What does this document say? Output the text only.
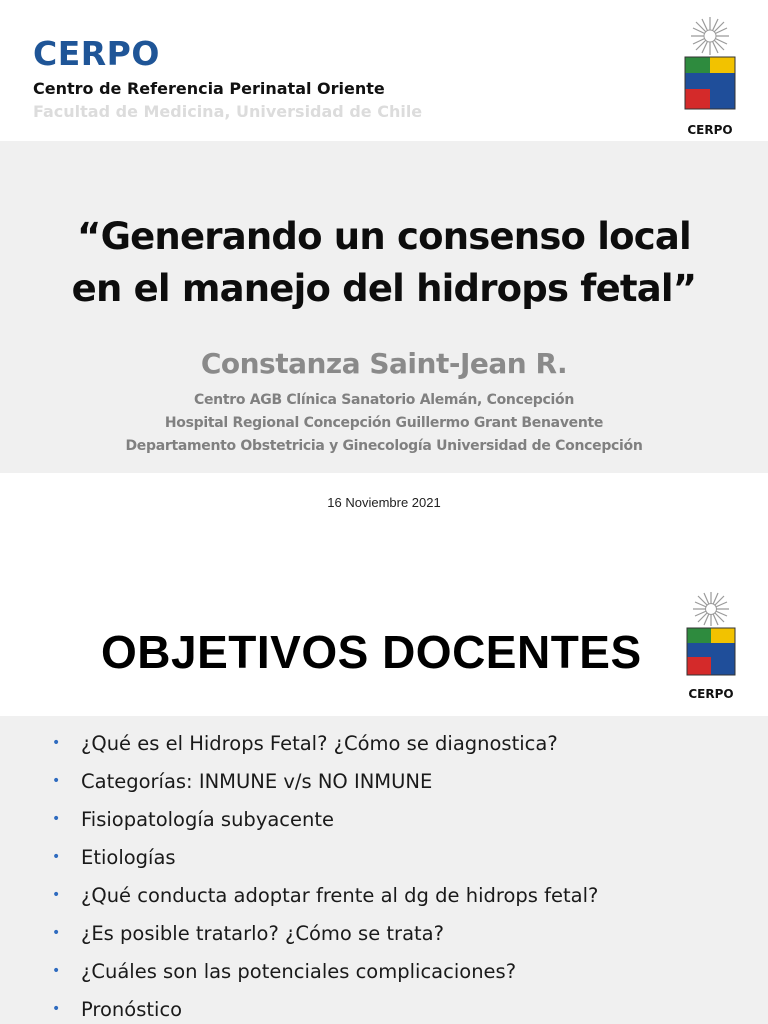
CERPO
Centro de Referencia Perinatal Oriente
Facultad de Medicina, Universidad de Chile
CERPO
“Generando un consenso local
en el manejo del hidrops fetal”
Constanza Saint-Jean R.
Centro AGB Clínica Sanatorio Alemán, Concepción
Hospital Regional Concepción Guillermo Grant Benavente
Departamento Obstetricia y Ginecología Universidad de Concepción
16 Noviembre 2021
OBJETIVOS DOCENTES
•	¿Qué es el Hidrops Fetal? ¿Cómo se diagnostica?
•	Categorías: INMUNE v/s NO INMUNE
•	Fisiopatología subyacente
•	Etiologías
•	¿Qué conducta adoptar frente al dg de hidrops fetal?
•	¿Es posible tratarlo? ¿Cómo se trata?
•	¿Cuáles son las potenciales complicaciones?
•	Pronóstico
CERPO
